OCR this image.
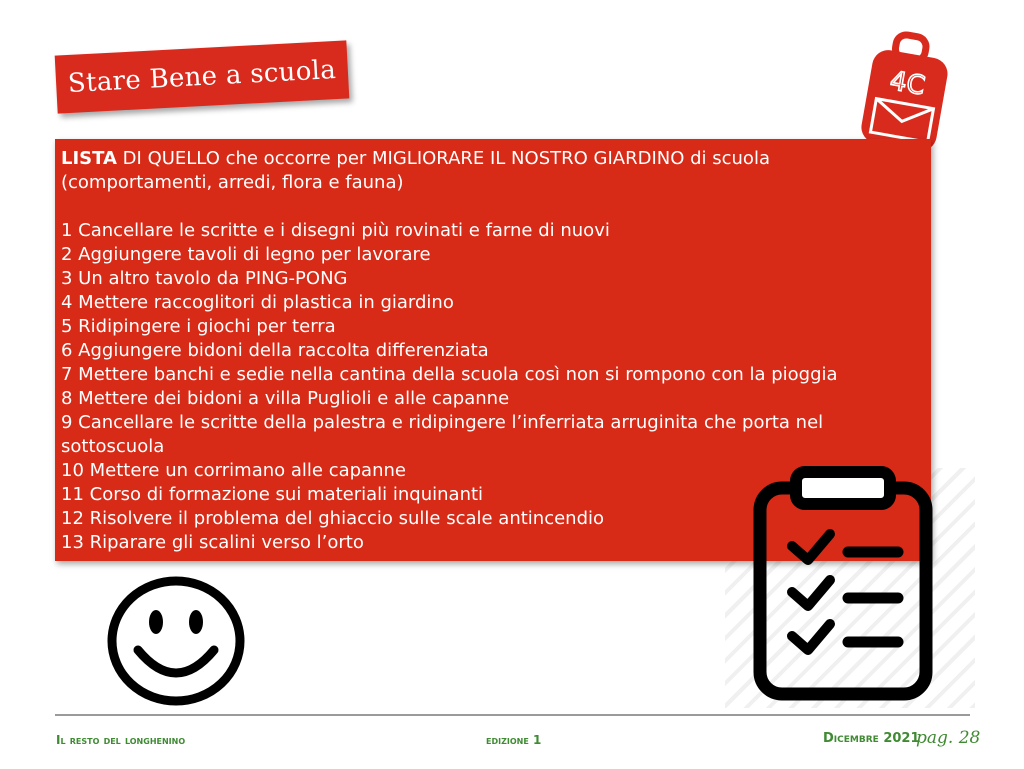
Stare Bene a scuola	4C
LISTA DI QUELLO che occorre per MIGLIORARE IL NOSTRO GIARDINO di scuola (comportamenti, arredi, flora e fauna)
1 Cancellare le scritte e i disegni più rovinati e farne di nuovi
2 Aggiungere tavoli di legno per lavorare
3 Un altro tavolo da PING-PONG
4 Mettere raccoglitori di plastica in giardino
5 Ridipingere i giochi per terra
6 Aggiungere bidoni della raccolta differenziata
7 Mettere banchi e sedie nella cantina della scuola così non si rompono con la pioggia
8 Mettere dei bidoni a villa Puglioli e alle capanne
9 Cancellare le scritte della palestra e ridipingere l’inferriata arruginita che porta nel sottoscuola
10 Mettere un corrimano alle capanne
11 Corso di formazione sui materiali inquinanti
12 Risolvere il problema del ghiaccio sulle scale antincendio
13 Riparare gli scalini verso l’orto
Il resto del longhenino	edizione 1	Dicembre 2021
pag. 28
